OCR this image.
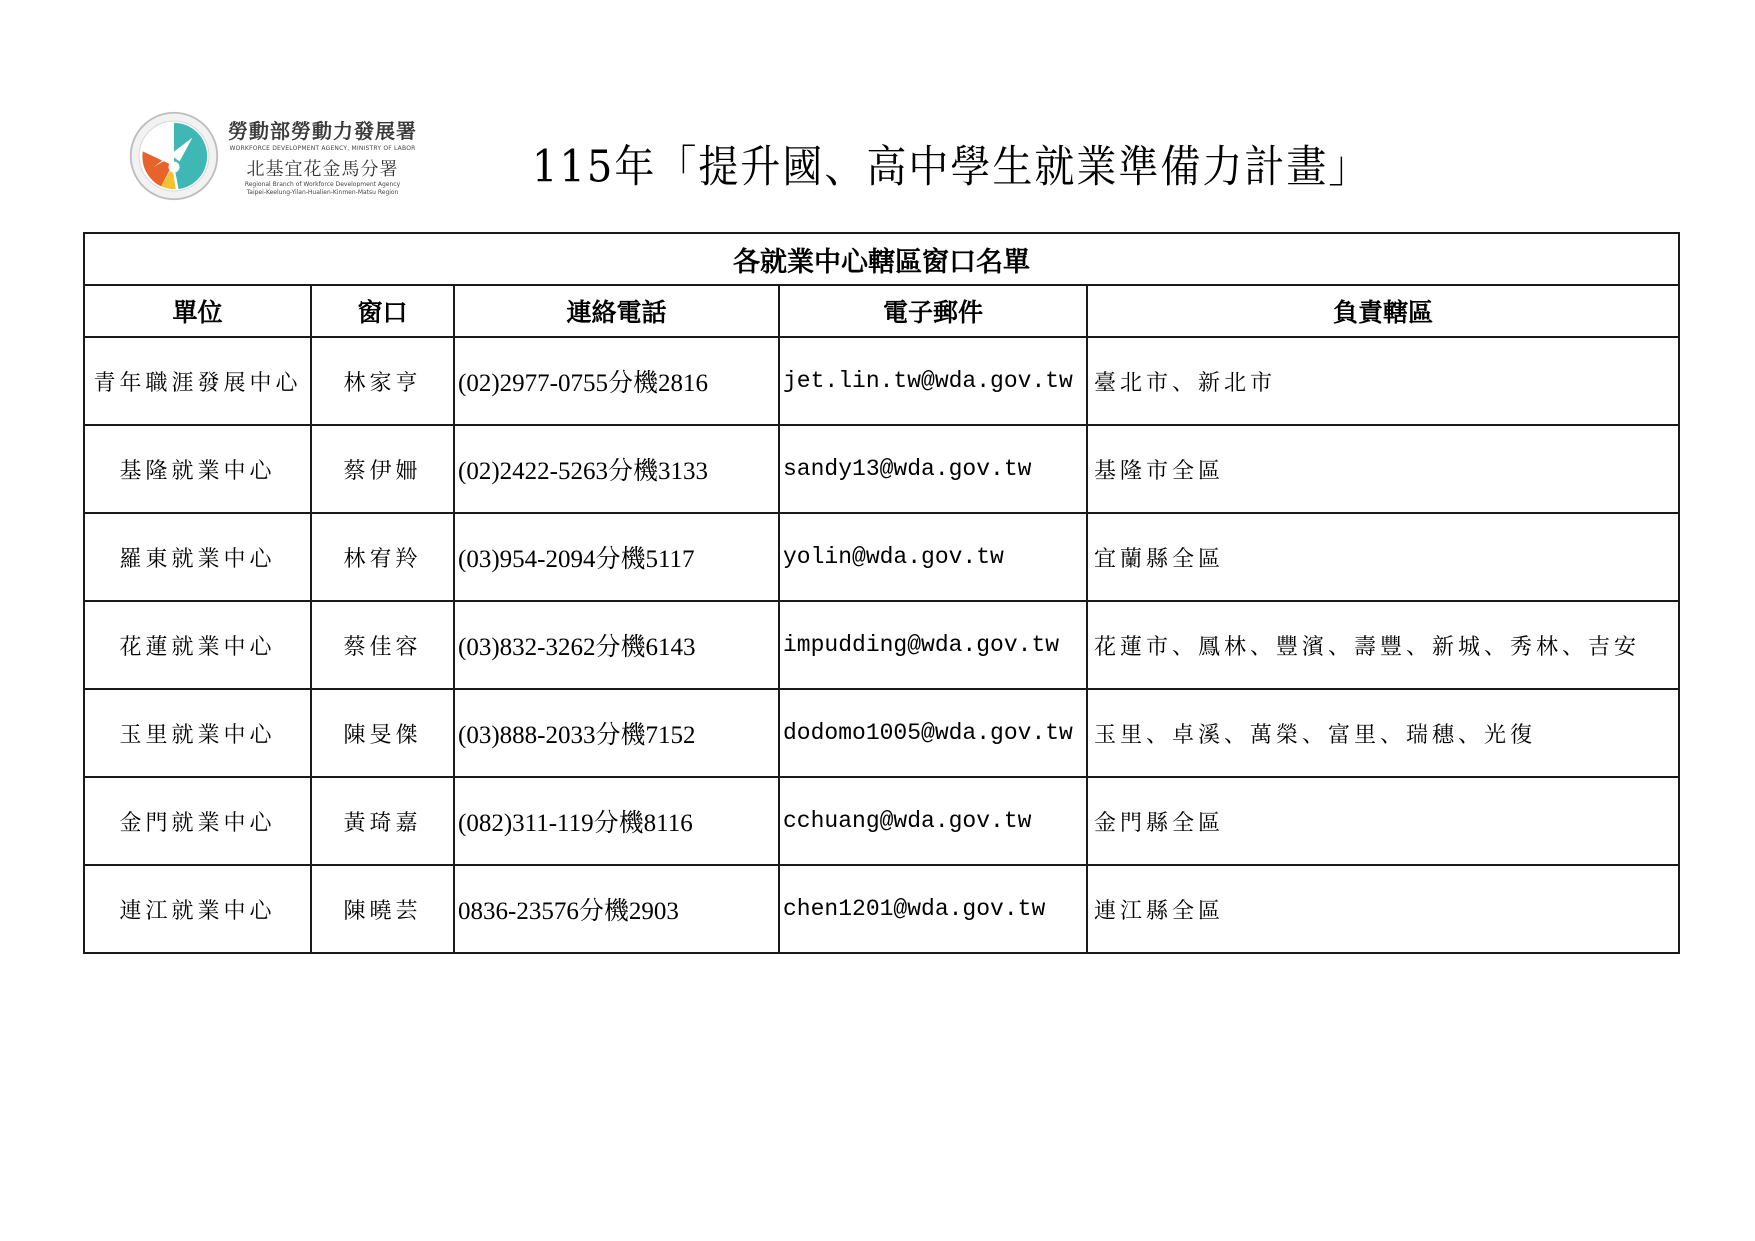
勞動部勞動力發展署
WORKFORCE DEVELOPMENT AGENCY, MINISTRY OF LABOR
北基宜花金馬分署
Regional Branch of Workforce Development Agency
Taipei-Keelung-Yilan-Hualien-Kinmen-Matsu Region	115年「提升國、高中學生就業準備力計畫」
各就業中心轄區窗口名單				
單位	窗口	連絡電話	電子郵件	負責轄區
青年職涯發展中心	林家亨	(02)2977-0755分機2816	jet.lin.tw@wda.gov.tw	臺北市、新北市
基隆就業中心	蔡伊姍	(02)2422-5263分機3133	sandy13@wda.gov.tw	基隆市全區
羅東就業中心	林宥羚	(03)954-2094分機5117	yolin@wda.gov.tw	宜蘭縣全區
花蓮就業中心	蔡佳容	(03)832-3262分機6143	impudding@wda.gov.tw	花蓮市、鳳林、豐濱、壽豐、新城、秀林、吉安
玉里就業中心	陳旻傑	(03)888-2033分機7152	dodomo1005@wda.gov.tw	玉里、卓溪、萬榮、富里、瑞穗、光復
金門就業中心	黃琦嘉	(082)311-119分機8116	cchuang@wda.gov.tw	金門縣全區
連江就業中心	陳曉芸	0836-23576分機2903	chen1201@wda.gov.tw	連江縣全區
